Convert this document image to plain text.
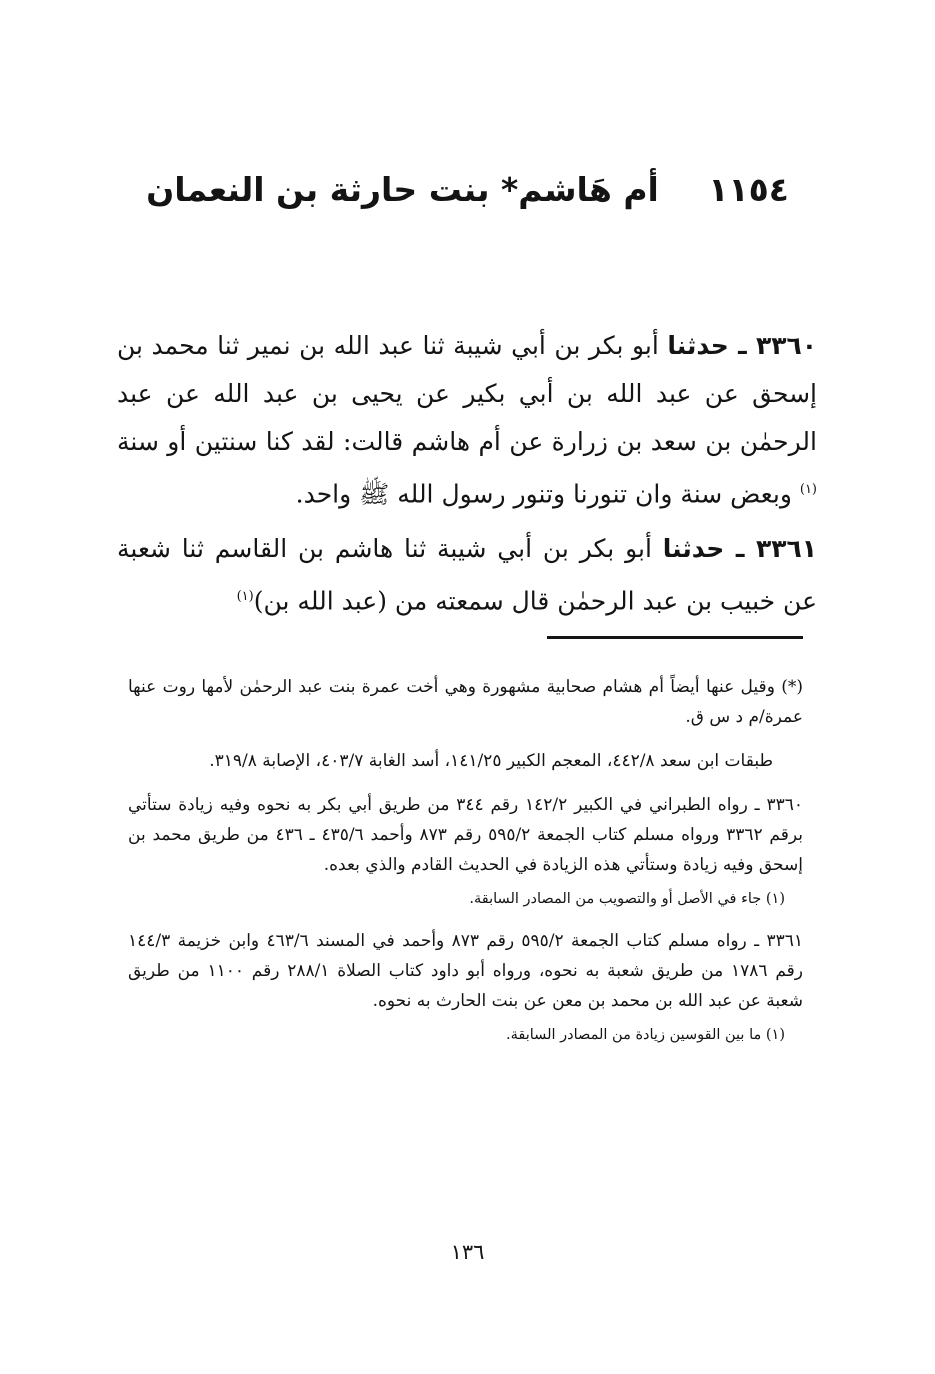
١١٥٤ أم هَاشم* بنت حارثة بن النعمان
٣٣٦٠ ـ حدثنا أبو بكر بن أبي شيبة ثنا عبد الله بن نمير ثنا محمد بن إسحق عن عبد الله بن أبي بكير عن يحيى بن عبد الله عن عبد الرحمٰن بن سعد بن زرارة عن أم هاشم قالت: لقد كنا سنتين أو سنة $^{(١)}$ وبعض سنة وان تنورنا وتنور رسول الله ﷺ واحد.
٣٣٦١ ـ حدثنا أبو بكر بن أبي شيبة ثنا هاشم بن القاسم ثنا شعبة عن خبيب بن عبد الرحمٰن قال سمعته من (عبد الله بن)$^{(١)}$

(*) وقيل عنها أيضاً أم هشام صحابية مشهورة وهي أخت عمرة بنت عبد الرحمٰن لأمها روت عنها عمرة/م د س ق.

طبقات ابن سعد ٤٤٢/٨، المعجم الكبير ١٤١/٢٥، أسد الغابة ٤٠٣/٧، الإصابة ٣١٩/٨.

٣٣٦٠ ـ رواه الطبراني في الكبير ١٤٢/٢ رقم ٣٤٤ من طريق أبي بكر به نحوه وفيه زيادة ستأتي برقم ٣٣٦٢ ورواه مسلم كتاب الجمعة ٥٩٥/٢ رقم ٨٧٣ وأحمد ٤٣٥/٦ ـ ٤٣٦ من طريق محمد بن إسحق وفيه زيادة وستأتي هذه الزيادة في الحديث القادم والذي بعده.

(١) جاء في الأصل أو والتصويب من المصادر السابقة.

٣٣٦١ ـ رواه مسلم كتاب الجمعة ٥٩٥/٢ رقم ٨٧٣ وأحمد في المسند ٤٦٣/٦ وابن خزيمة ١٤٤/٣ رقم ١٧٨٦ من طريق شعبة به نحوه، ورواه أبو داود كتاب الصلاة ٢٨٨/١ رقم ١١٠٠ من طريق شعبة عن عبد الله بن محمد بن معن عن بنت الحارث به نحوه.

(١) ما بين القوسين زيادة من المصادر السابقة.

١٣٦
